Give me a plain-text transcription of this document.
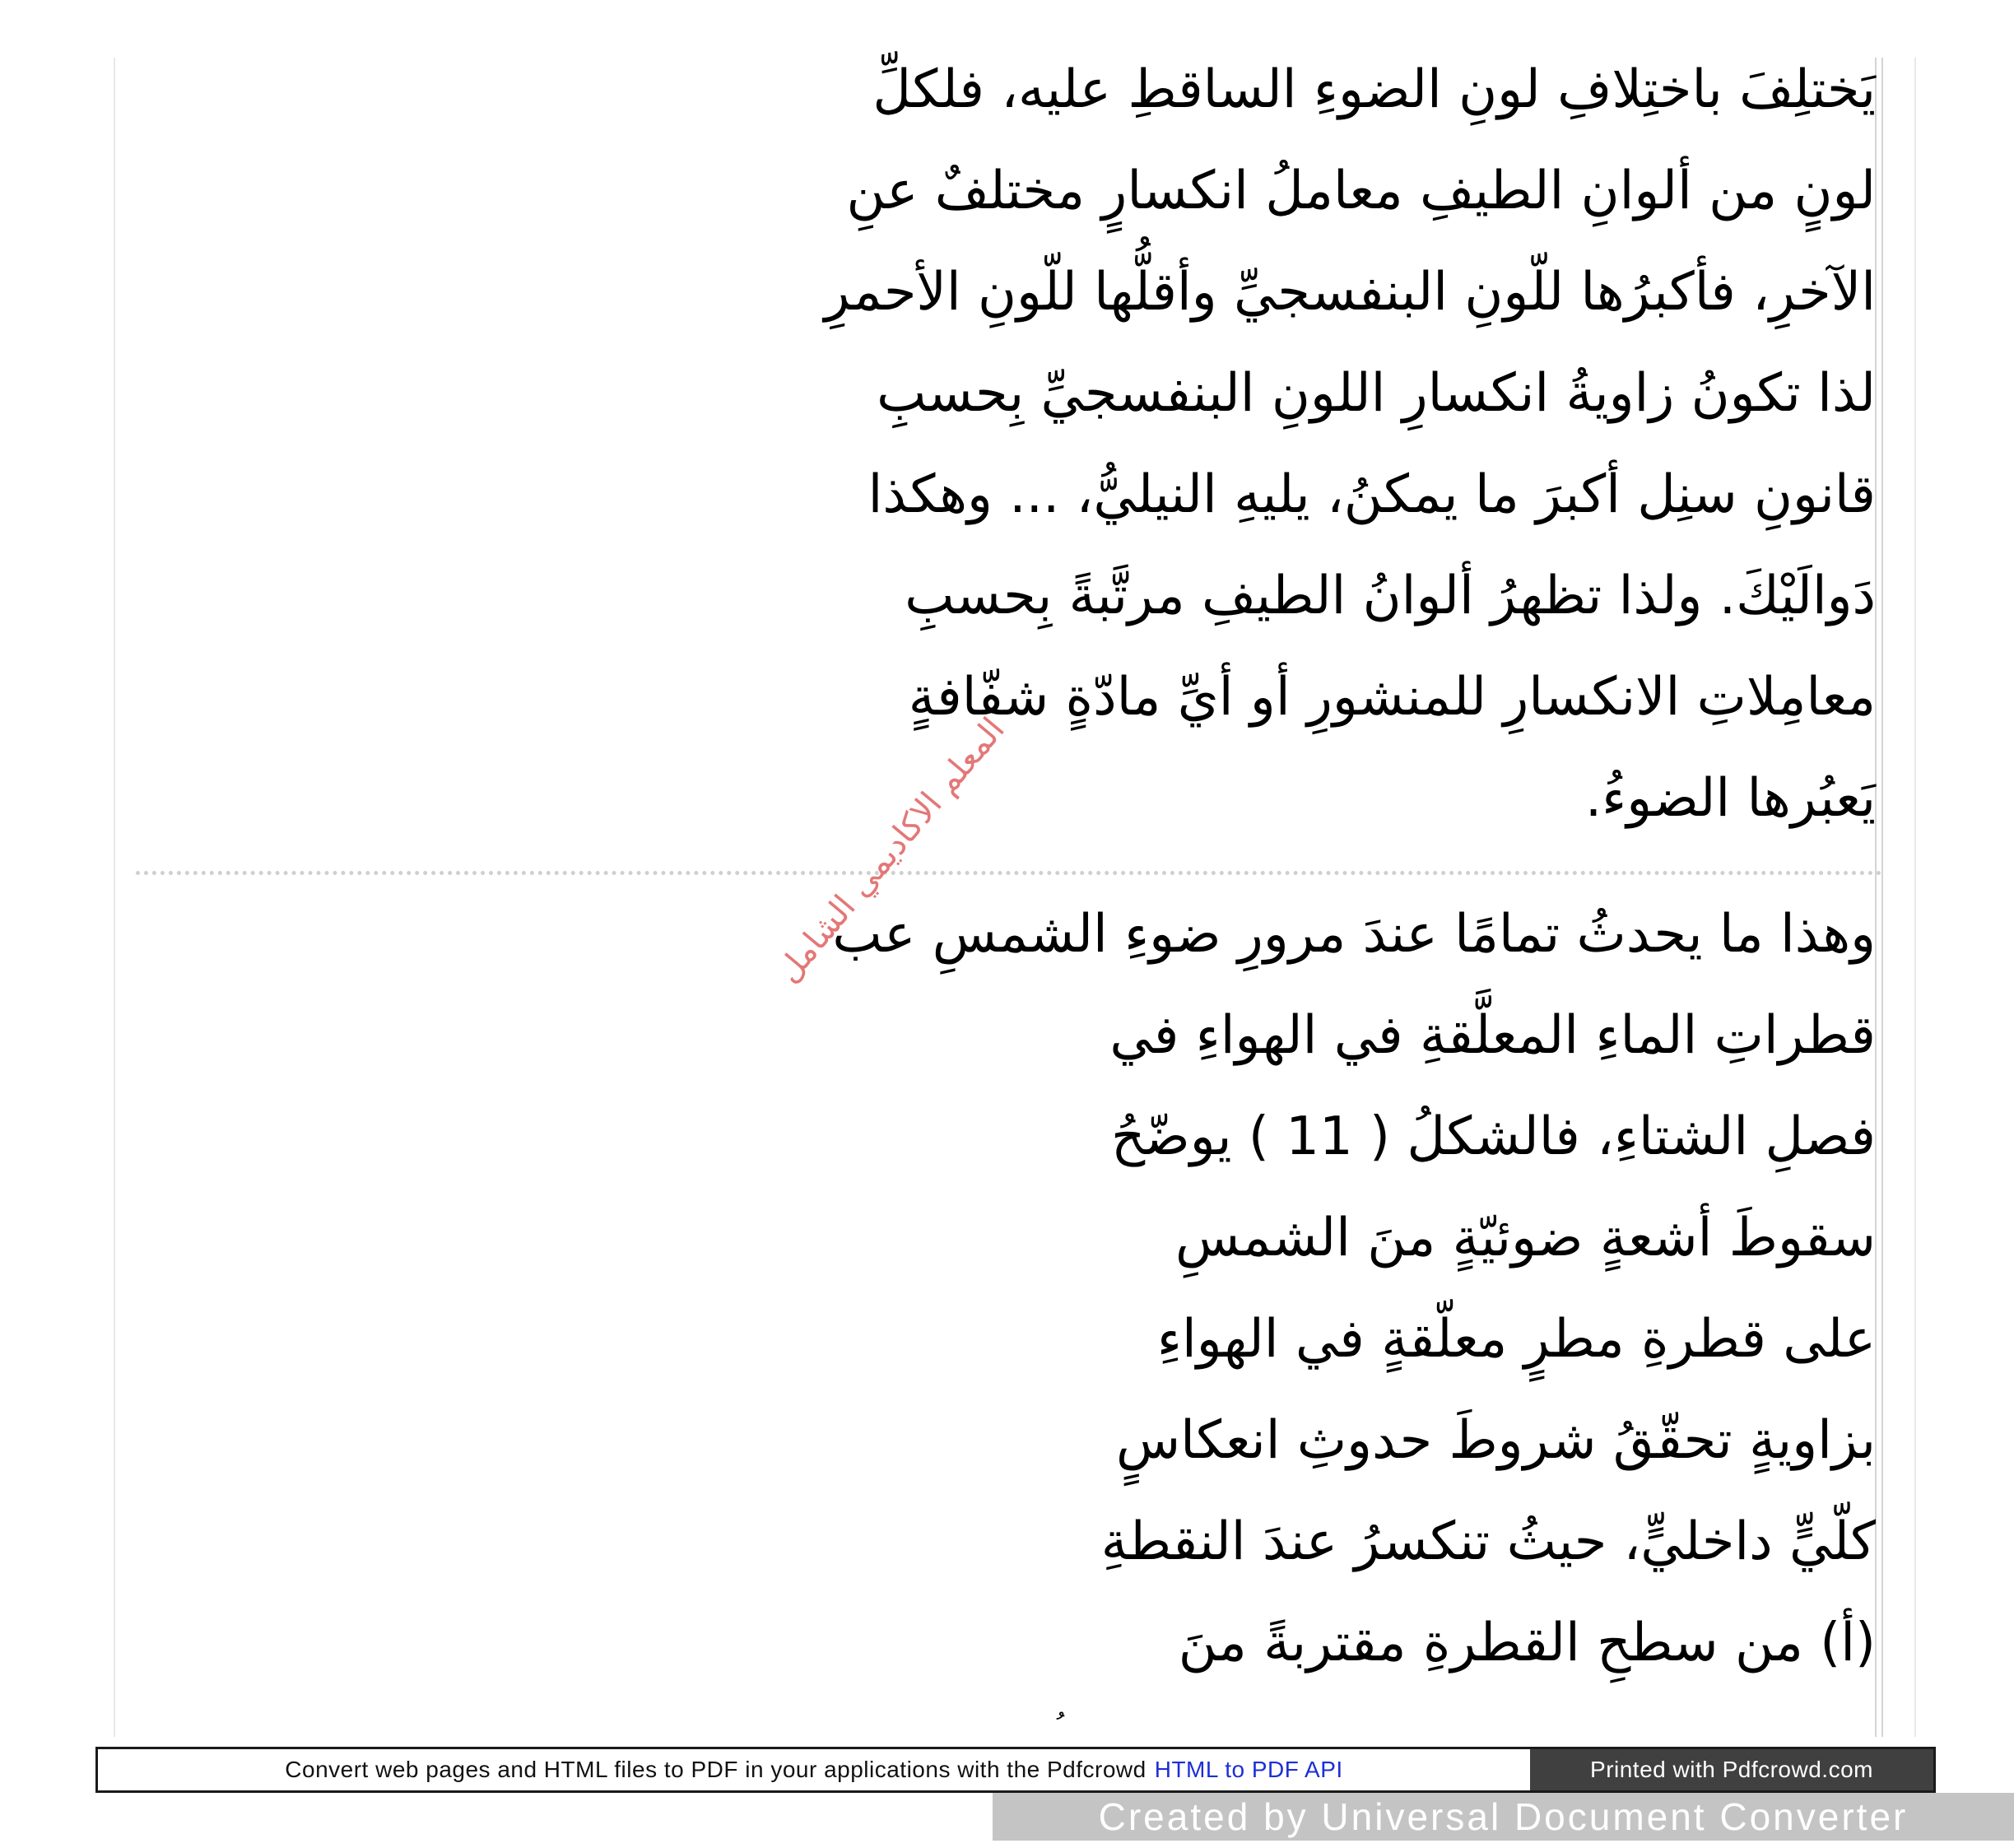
يَختلِفَ باختِلافِ لونِ الضوءِ الساقطِ عليه، فلكلِّ
لونٍ من ألوانِ الطيفِ معاملُ انكسارٍ مختلفٌ عنِ
الآخرِ، فأكبرُها للّونِ البنفسجيِّ وأقلُّها للّونِ الأحمرِ
لذا تكونُ زاويةُ انكسارِ اللونِ البنفسجيِّ بِحسبِ
قانونِ سنِل أكبرَ ما يمكنُ، يليهِ النيليُّ، ... وهكذا
دَوالَيْكَ. ولذا تظهرُ ألوانُ الطيفِ مرتَّبةً بِحسبِ
معامِلاتِ الانكسارِ للمنشورِ أو أيِّ مادّةٍ شفّافةٍ
يَعبُرها الضوءُ.
وهذا ما يحدثُ تمامًا عندَ مرورِ ضوءِ الشمسِ عب
قطراتِ الماءِ المعلَّقةِ في الهواءِ في
فصلِ الشتاءِ، فالشكلُ ( 11 ) يوضّحُ
سقوطَ أشعةٍ ضوئيّةٍ منَ الشمسِ
على قطرةِ مطرٍ معلّقةٍ في الهواءِ
بزاويةٍ تحقّقُ شروطَ حدوثِ انعكاسٍ
كلّيٍّ داخليٍّ، حيثُ تنكسرُ عندَ النقطةِ
(أ) من سطحِ القطرةِ مقتربةً منَ
المعلم الاكاديمي الشامل
Convert web pages and HTML files to PDF in your applications with the Pdfcrowd HTML to PDF API	Printed with Pdfcrowd.com
Created by Universal Document Converter
